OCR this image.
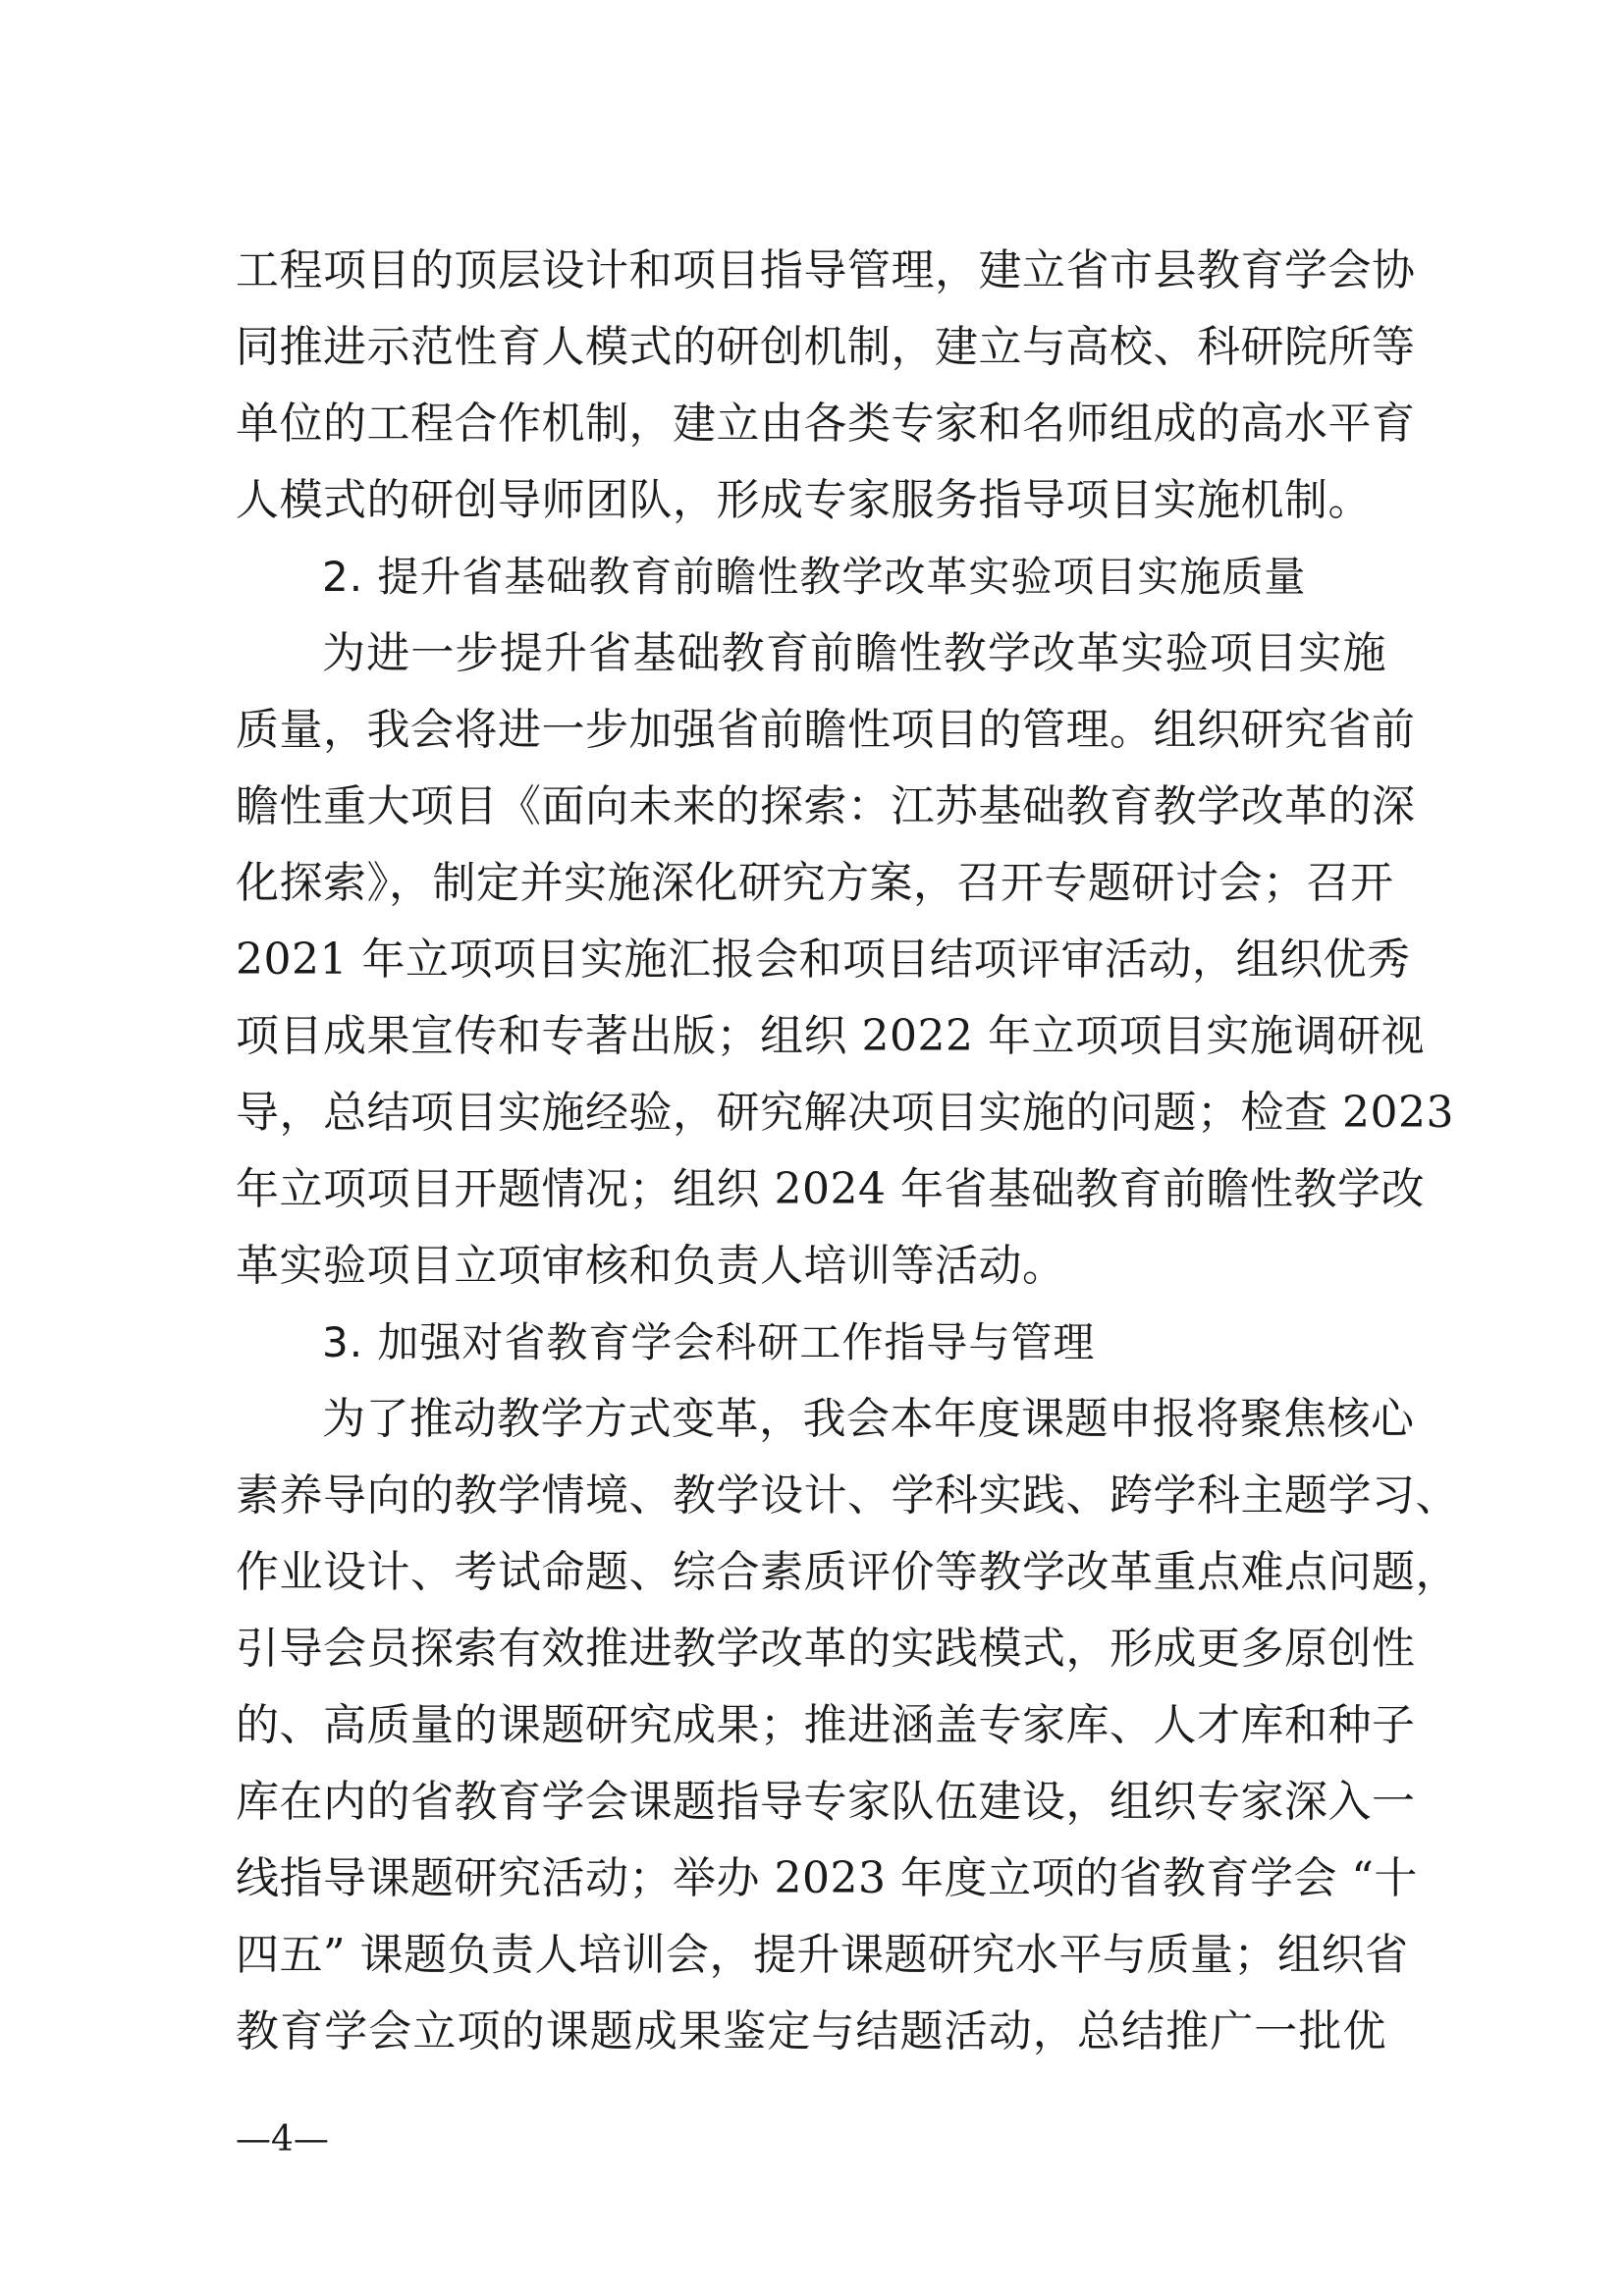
工程项目的顶层设计和项目指导管理，建立省市县教育学会协
同推进示范性育人模式的研创机制，建立与高校、科研院所等
单位的工程合作机制，建立由各类专家和名师组成的高水平育
人模式的研创导师团队，形成专家服务指导项目实施机制。
2. 提升省基础教育前瞻性教学改革实验项目实施质量
为进一步提升省基础教育前瞻性教学改革实验项目实施
质量，我会将进一步加强省前瞻性项目的管理。组织研究省前
瞻性重大项目《面向未来的探索：江苏基础教育教学改革的深
化探索》，制定并实施深化研究方案，召开专题研讨会；召开
2021 年立项项目实施汇报会和项目结项评审活动，组织优秀
项目成果宣传和专著出版；组织 2022 年立项项目实施调研视
导，总结项目实施经验，研究解决项目实施的问题；检查 2023
年立项项目开题情况；组织 2024 年省基础教育前瞻性教学改
革实验项目立项审核和负责人培训等活动。
3. 加强对省教育学会科研工作指导与管理
为了推动教学方式变革，我会本年度课题申报将聚焦核心
素养导向的教学情境、教学设计、学科实践、跨学科主题学习、
作业设计、考试命题、综合素质评价等教学改革重点难点问题，
引导会员探索有效推进教学改革的实践模式，形成更多原创性
的、高质量的课题研究成果；推进涵盖专家库、人才库和种子
库在内的省教育学会课题指导专家队伍建设，组织专家深入一
线指导课题研究活动；举办 2023 年度立项的省教育学会 “十
四五” 课题负责人培训会，提升课题研究水平与质量；组织省
教育学会立项的课题成果鉴定与结题活动，总结推广一批优
—4—
